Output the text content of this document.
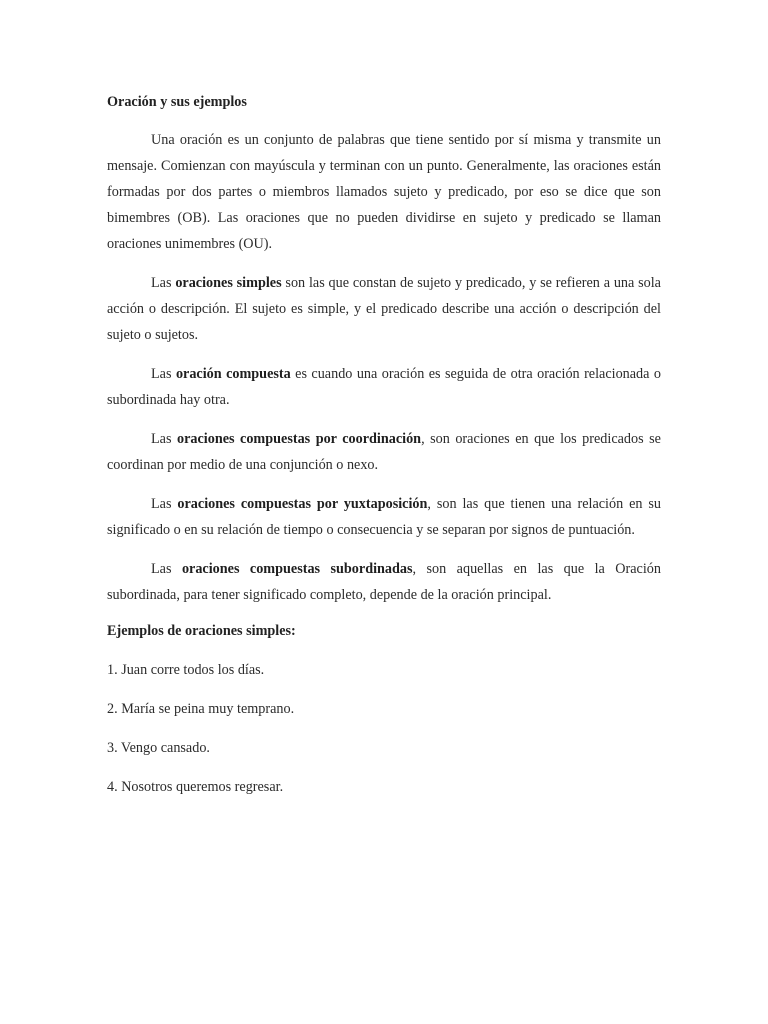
Oración y sus ejemplos

Una oración es un conjunto de palabras que tiene sentido por sí misma y transmite un mensaje. Comienzan con mayúscula y terminan con un punto. Generalmente, las oraciones están formadas por dos partes o miembros llamados sujeto y predicado, por eso se dice que son bimembres (OB). Las oraciones que no pueden dividirse en sujeto y predicado se llaman oraciones unimembres (OU).

Las oraciones simples son las que constan de sujeto y predicado, y se refieren a una sola acción o descripción. El sujeto es simple, y el predicado describe una acción o descripción del sujeto o sujetos.

Las oración compuesta es cuando una oración es seguida de otra oración relacionada o subordinada hay otra.

Las oraciones compuestas por coordinación, son oraciones en que los predicados se coordinan por medio de una conjunción o nexo.

Las oraciones compuestas por yuxtaposición, son las que tienen una relación en su significado o en su relación de tiempo o consecuencia y se separan por signos de puntuación.

Las oraciones compuestas subordinadas, son aquellas en las que la Oración subordinada, para tener significado completo, depende de la oración principal.

Ejemplos de oraciones simples:
1. Juan corre todos los días.
2. María se peina muy temprano.
3. Vengo cansado.
4. Nosotros queremos regresar.
